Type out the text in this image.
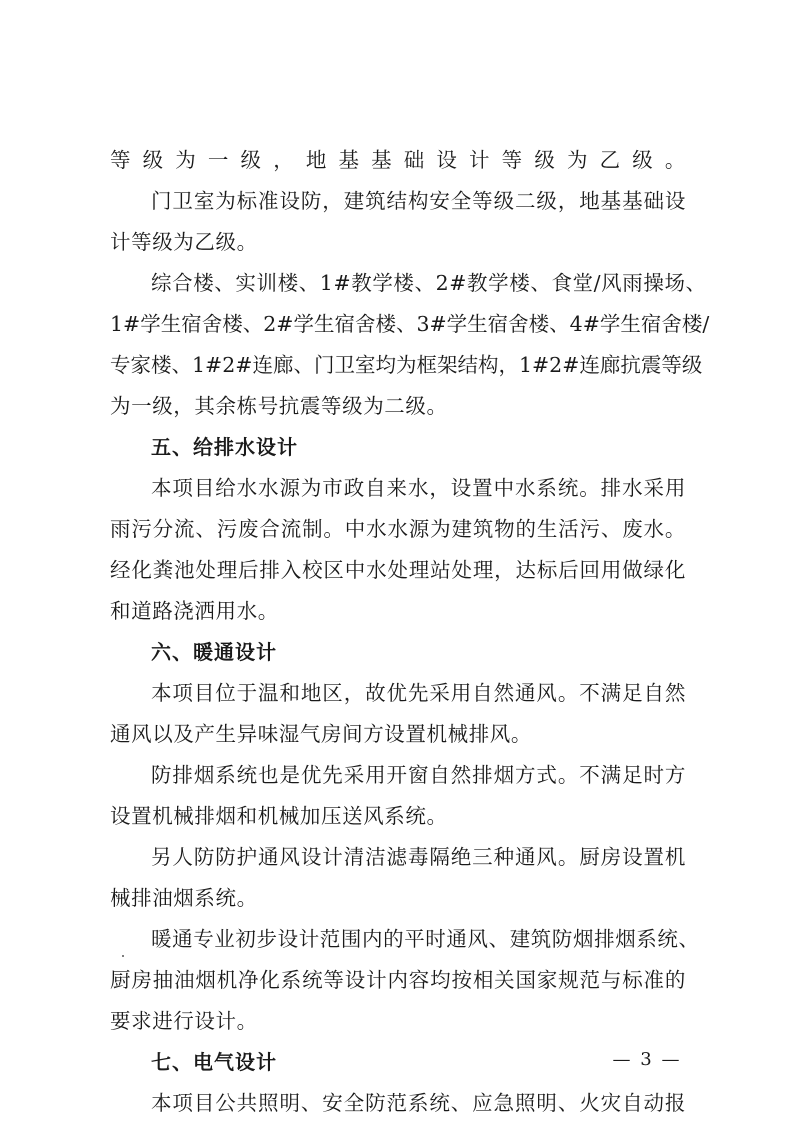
等级为一级，地基基础设计等级为乙级。
门卫室为标准设防，建筑结构安全等级二级，地基基础设
计等级为乙级。
综合楼、实训楼、1#教学楼、2#教学楼、食堂/风雨操场、
1#学生宿舍楼、2#学生宿舍楼、3#学生宿舍楼、4#学生宿舍楼/
专家楼、1#2#连廊、门卫室均为框架结构，1#2#连廊抗震等级
为一级，其余栋号抗震等级为二级。
五、给排水设计
本项目给水水源为市政自来水，设置中水系统。排水采用
雨污分流、污废合流制。中水水源为建筑物的生活污、废水。
经化粪池处理后排入校区中水处理站处理，达标后回用做绿化
和道路浇洒用水。
六、暖通设计
本项目位于温和地区，故优先采用自然通风。不满足自然
通风以及产生异味湿气房间方设置机械排风。
防排烟系统也是优先采用开窗自然排烟方式。不满足时方
设置机械排烟和机械加压送风系统。
另人防防护通风设计清洁滤毒隔绝三种通风。厨房设置机
械排油烟系统。
暖通专业初步设计范围内的平时通风、建筑防烟排烟系统、
厨房抽油烟机净化系统等设计内容均按相关国家规范与标准的
要求进行设计。
七、电气设计
本项目公共照明、安全防范系统、应急照明、火灾自动报
— 3 —
